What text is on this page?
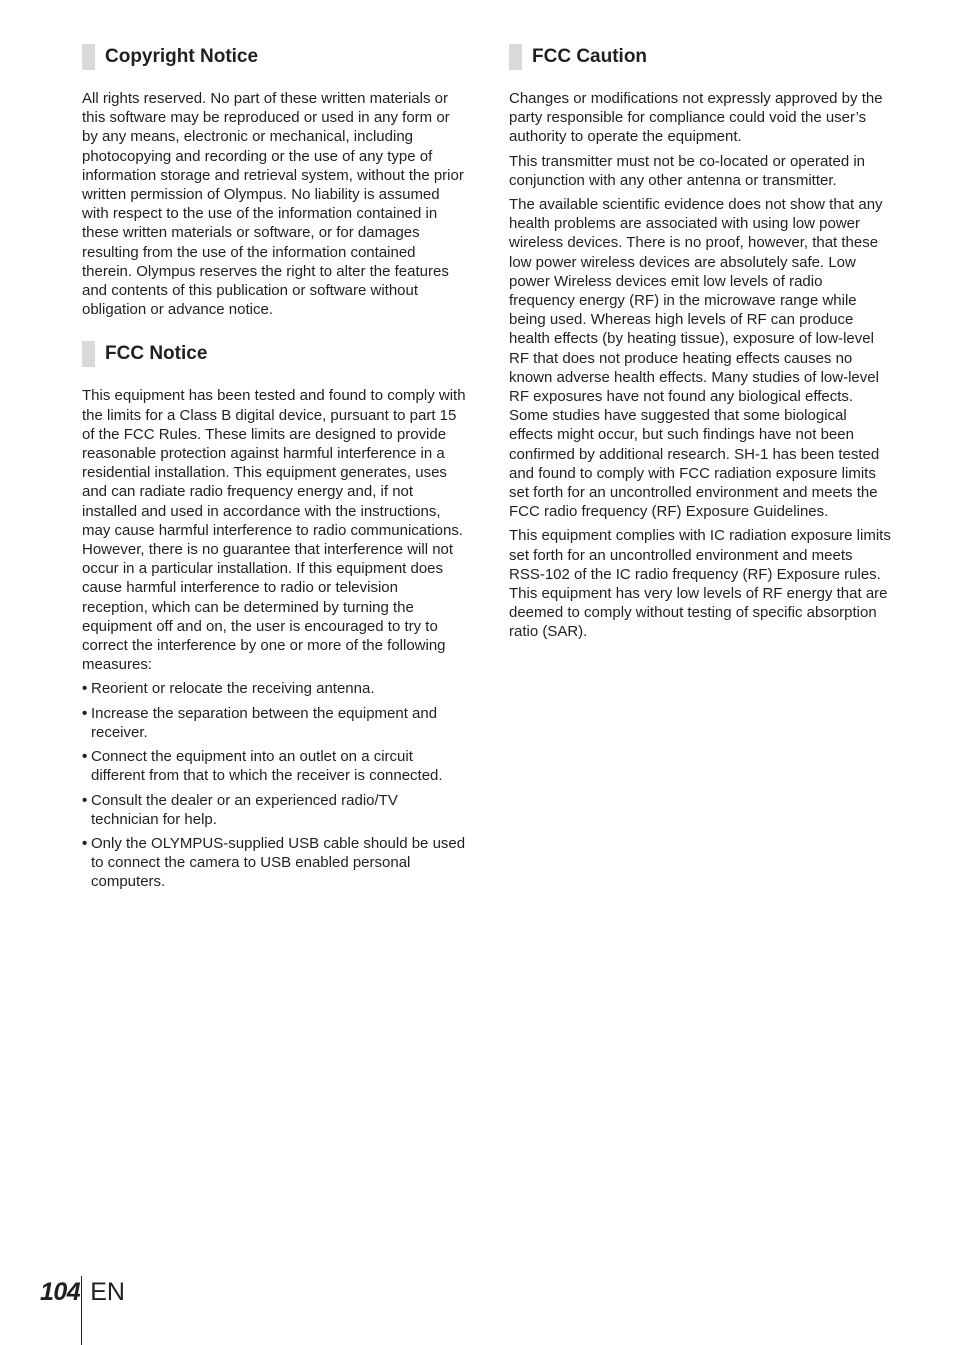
Copyright Notice

All rights reserved. No part of these written materials or this software may be reproduced or used in any form or by any means, electronic or mechanical, including photocopying and recording or the use of any type of information storage and retrieval system, without the prior written permission of Olympus. No liability is assumed with respect to the use of the information contained in these written materials or software, or for damages resulting from the use of the information contained therein. Olympus reserves the right to alter the features and contents of this publication or software without obligation or advance notice.

FCC Notice

This equipment has been tested and found to comply with the limits for a Class B digital device, pursuant to part 15 of the FCC Rules. These limits are designed to provide reasonable protection against harmful interference in a residential installation. This equipment generates, uses and can radiate radio frequency energy and, if not installed and used in accordance with the instructions, may cause harmful interference to radio communications. However, there is no guarantee that interference will not occur in a particular installation. If this equipment does cause harmful interference to radio or television reception, which can be determined by turning the equipment off and on, the user is encouraged to try to correct the interference by one or more of the following measures:

• Reorient or relocate the receiving antenna.
• Increase the separation between the equipment and receiver.
• Connect the equipment into an outlet on a circuit different from that to which the receiver is connected.
• Consult the dealer or an experienced radio/TV technician for help.
• Only the OLYMPUS-supplied USB cable should be used to connect the camera to USB enabled personal computers.
FCC Caution

Changes or modifications not expressly approved by the party responsible for compliance could void the user’s authority to operate the equipment.

This transmitter must not be co-located or operated in conjunction with any other antenna or transmitter.

The available scientific evidence does not show that any health problems are associated with using low power wireless devices. There is no proof, however, that these low power wireless devices are absolutely safe. Low power Wireless devices emit low levels of radio frequency energy (RF) in the microwave range while being used. Whereas high levels of RF can produce health effects (by heating tissue), exposure of low-level RF that does not produce heating effects causes no known adverse health effects. Many studies of low-level RF exposures have not found any biological effects. Some studies have suggested that some biological effects might occur, but such findings have not been confirmed by additional research. SH-1 has been tested and found to comply with FCC radiation exposure limits set forth for an uncontrolled environment and meets the FCC radio frequency (RF) Exposure Guidelines.

This equipment complies with IC radiation exposure limits set forth for an uncontrolled environment and meets RSS-102 of the IC radio frequency (RF) Exposure rules. This equipment has very low levels of RF energy that are deemed to comply without testing of specific absorption ratio (SAR).

104 EN
